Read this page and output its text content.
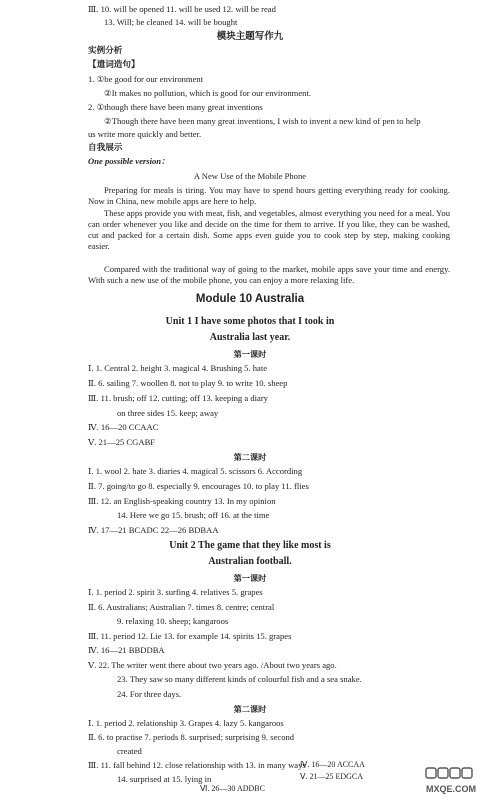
Ⅲ. 10. will be opened 11. will be used 12. will be read
13. Will; be cleaned 14. will be bought
模块主题写作九
实例分析
【遣词造句】
1. ①be good for our environment
②It makes no pollution, which is good for our environment.
2. ①though there have been many great inventions
②Though there have been many great inventions, I wish to invent a new kind of pen to help
us write more quickly and better.
自我展示
One possible version：
A New Use of the Mobile Phone
Preparing for meals is tiring. You may have to spend hours getting everything ready for cooking. Now in China, new mobile apps are here to help.
These apps provide you with meat, fish, and vegetables, almost everything you need for a meal. You can order whenever you like and decide on the time for them to arrive. If you like, they can be washed, cut and packed for a certain dish. Some apps even guide you to cook step by step, making cooking easier.
Compared with the traditional way of going to the market, mobile apps save your time and energy. With such a new use of the mobile phone, you can enjoy a more relaxing life.
Module 10 Australia
Unit 1 I have some photos that I took in
Australia last year.
第一课时
Ⅰ. 1. Central 2. height 3. magical 4. Brushing 5. hate
Ⅱ. 6. sailing 7. woollen 8. not to play 9. to write 10. sheep
Ⅲ. 11. brush; off 12. cutting; off 13. keeping a diary
on three sides 15. keep; away
Ⅳ. 16—20 CCAAC
Ⅴ. 21—25 CGABF
第二课时
Ⅰ. 1. wool 2. hate 3. diaries 4. magical 5. scissors 6. According
Ⅱ. 7. going/to go 8. especially 9. encourages 10. to play 11. flies
Ⅲ. 12. an English-speaking country 13. In my opinion
14. Here we go 15. brush; off 16. at the time
Ⅳ. 17—21 BCADC 22—26 BDBAA
Unit 2 The game that they like most is
Australian football.
第一课时
Ⅰ. 1. period 2. spirit 3. surfing 4. relatives 5. grapes
Ⅱ. 6. Australians; Australian 7. times 8. centre; central
9. relaxing 10. sheep; kangaroos
Ⅲ. 11. period 12. Lie 13. for example 14. spirits 15. grapes
Ⅳ. 16—21 BBDDBA
Ⅴ. 22. The writer went there about two years ago. /About two years ago.
23. They saw so many different kinds of colourful fish and a sea snake.
24. For three days.
第二课时
Ⅰ. 1. period 2. relationship 3. Grapes 4. lazy 5. kangaroos
Ⅱ. 6. to practise 7. periods 8. surprised; surprising 9. second
created
Ⅲ. 11. fall behind 12. close relationship with 13. in many ways
14. surprised at 15. lying in
MXQE.COM
Ⅳ. 16—20 ACCAA
Ⅴ. 21—25 EDGCA
Ⅵ. 26—30 ADDBC
